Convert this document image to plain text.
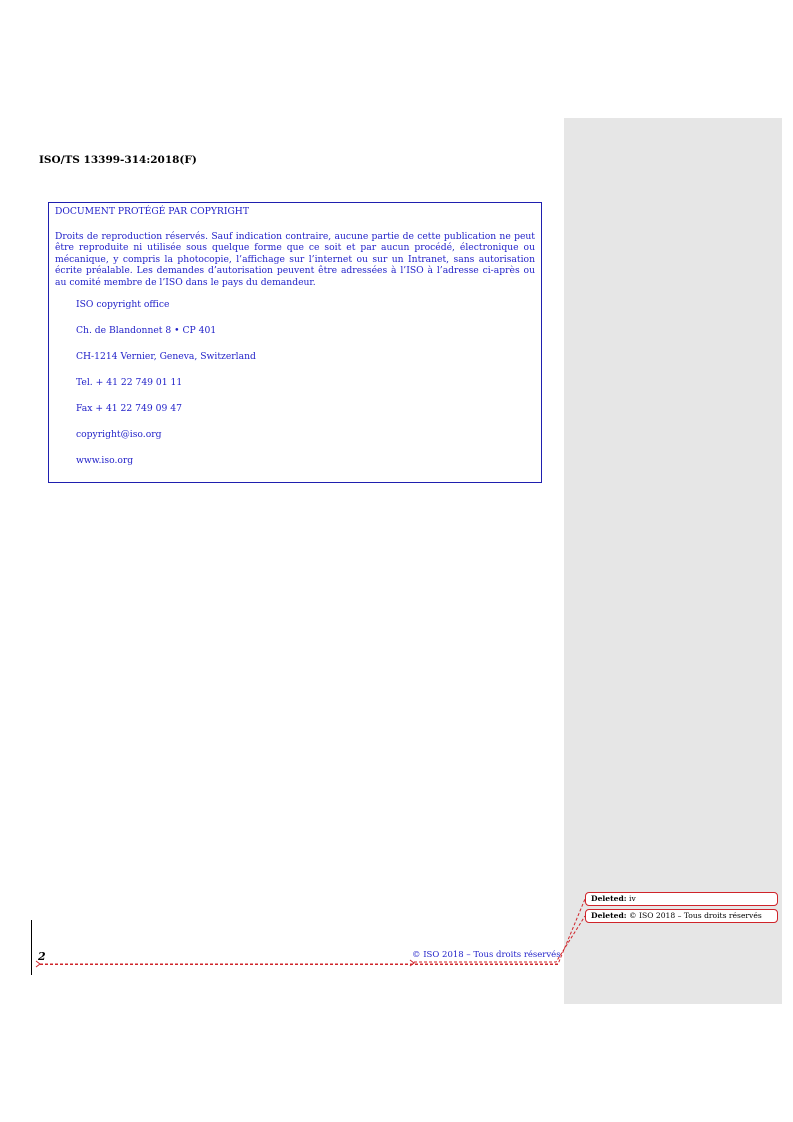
ISO/TS 13399-314:2018(F)

DOCUMENT PROTÉGÉ PAR COPYRIGHT

Droits de reproduction réservés. Sauf indication contraire, aucune partie de cette publication ne peut être reproduite ni utilisée sous quelque forme que ce soit et par aucun procédé, électronique ou mécanique, y compris la photocopie, l’affichage sur l’internet ou sur un Intranet, sans autorisation écrite préalable. Les demandes d’autorisation peuvent être adressées à l’ISO à l’adresse ci-après ou au comité membre de l’ISO dans le pays du demandeur.

ISO copyright office
Ch. de Blandonnet 8 • CP 401
CH-1214 Vernier, Geneva, Switzerland
Tel. + 41 22 749 01 11
Fax + 41 22 749 09 47
copyright@iso.org
www.iso.org
2	© ISO 2018 – Tous droits réservés
Deleted: iv
Deleted: © ISO 2018 – Tous droits réservés
